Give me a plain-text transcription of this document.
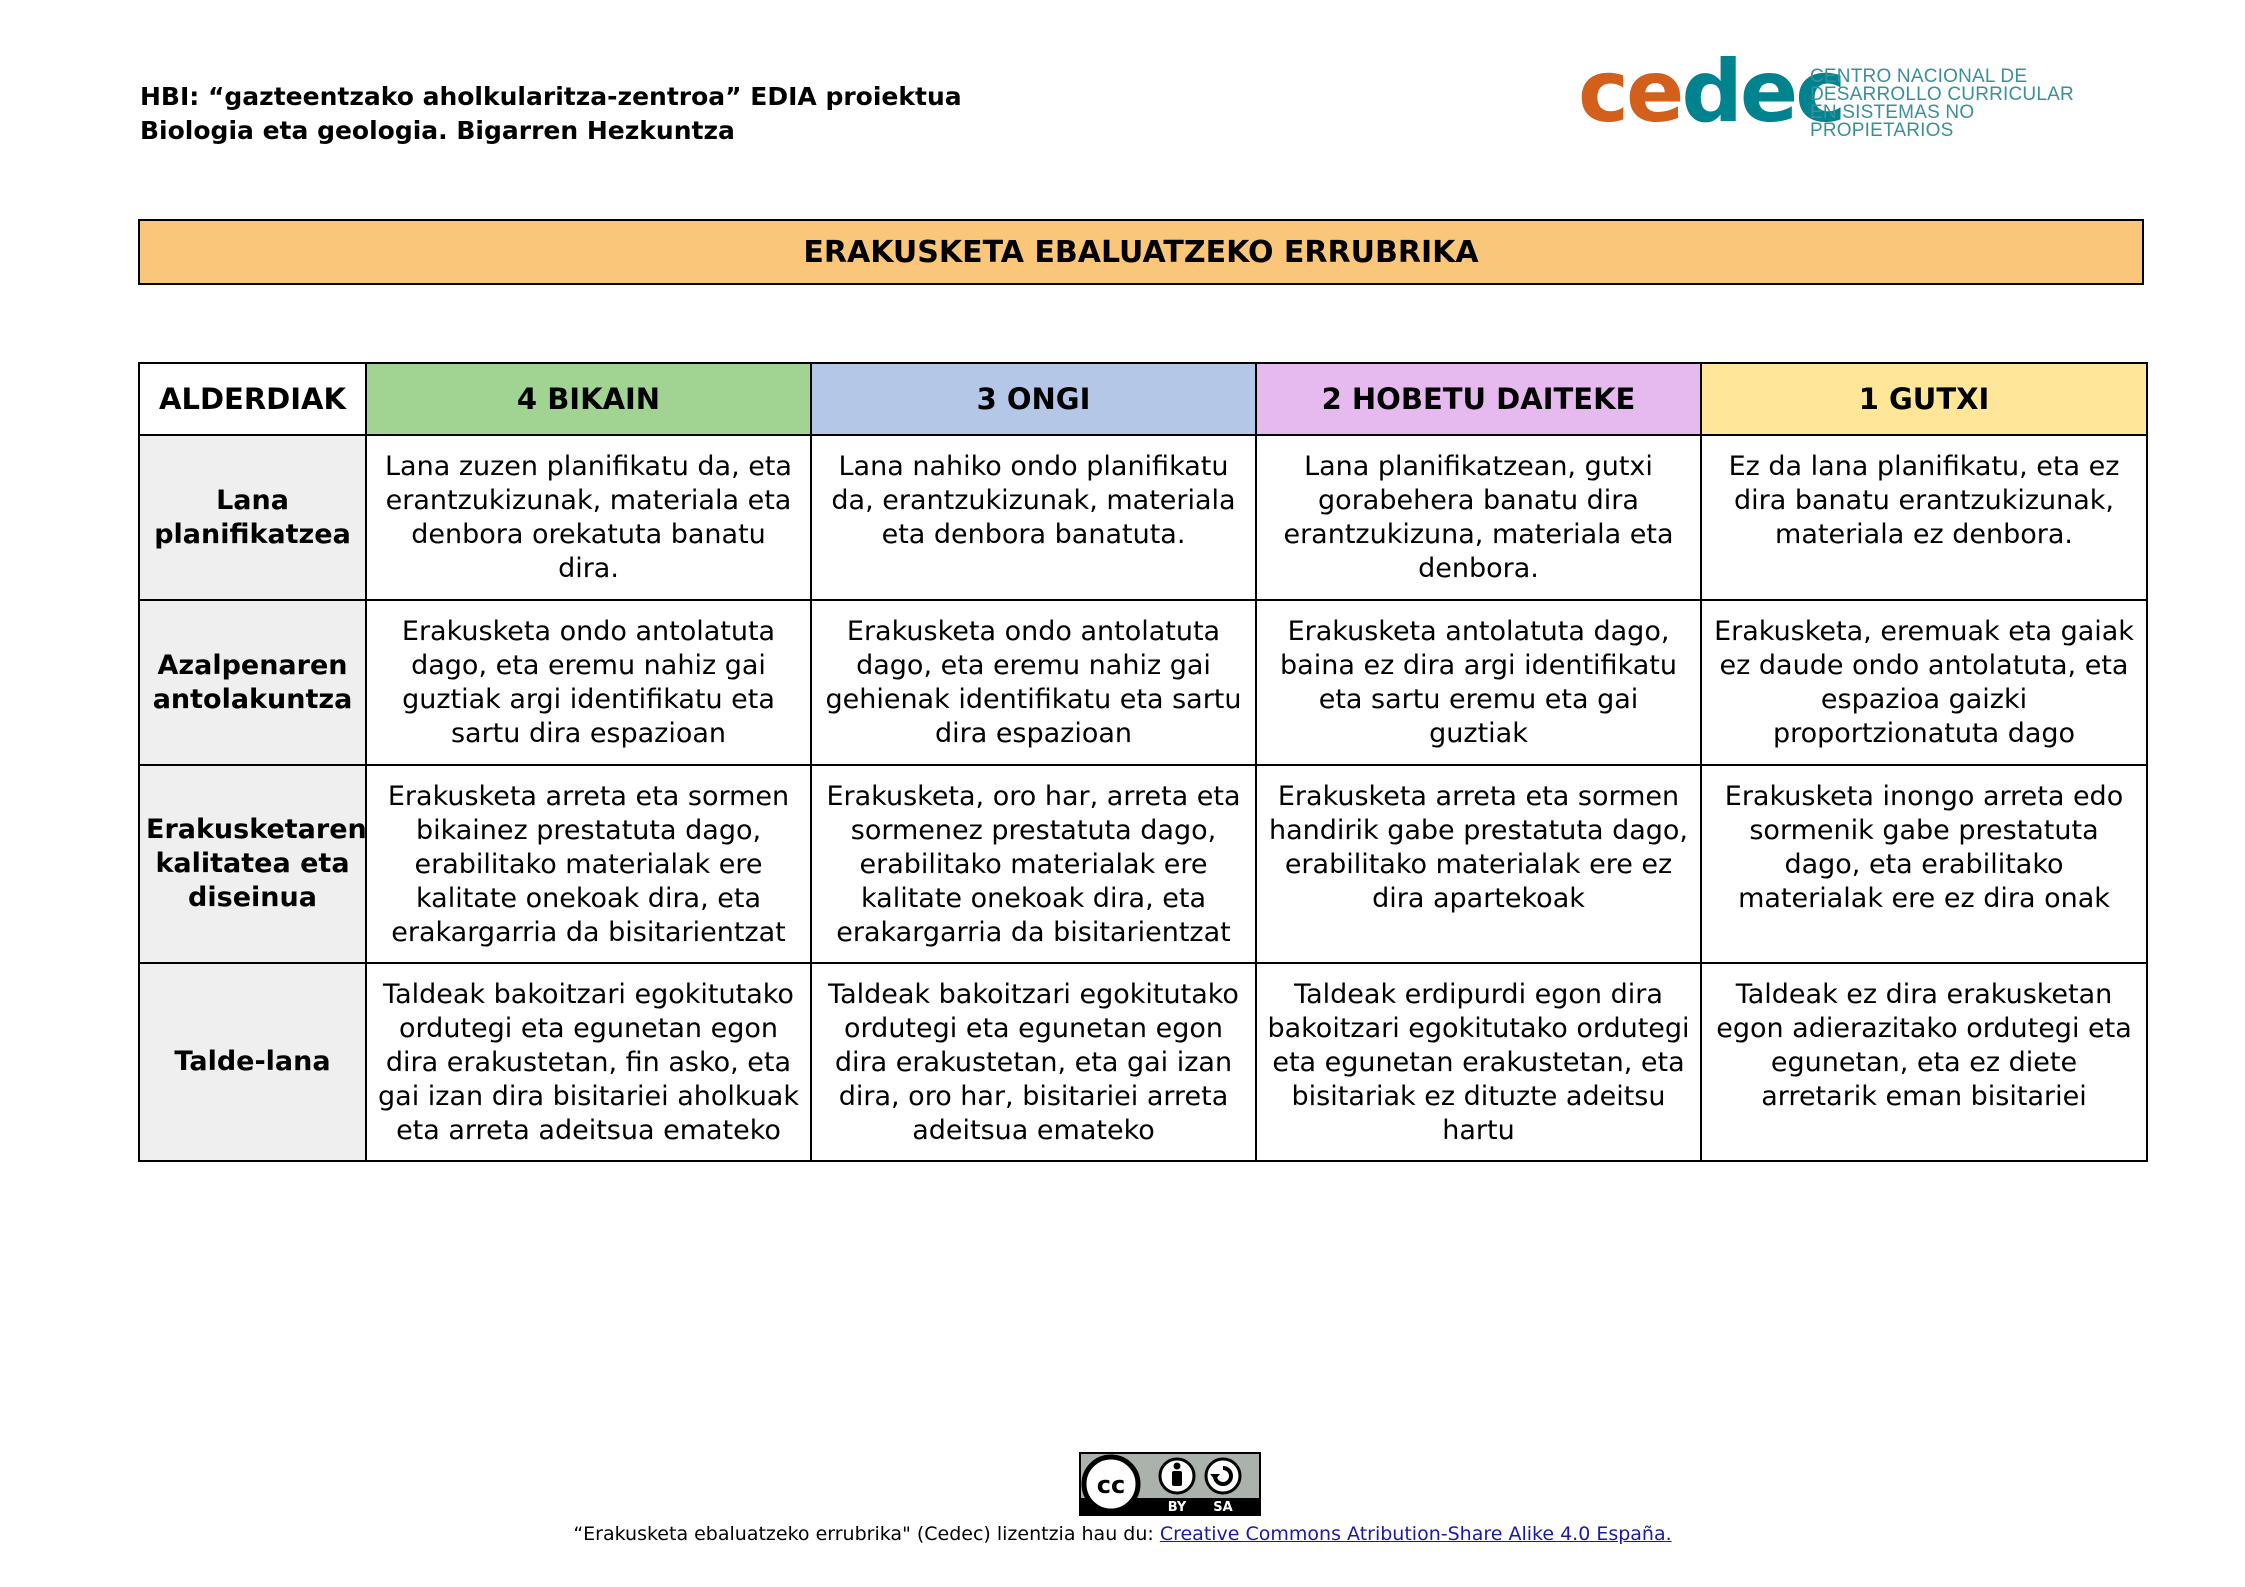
HBI: “gazteentzako aholkularitza-zentroa” EDIA proiektua
Biologia eta geologia. Bigarren Hezkuntza	cedec
CENTRO NACIONAL DE
DESARROLLO CURRICULAR
EN SISTEMAS NO PROPIETARIOS
ERAKUSKETA EBALUATZEKO ERRUBRIKA
ALDERDIAK	4 BIKAIN	3 ONGI	2 HOBETU DAITEKE	1 GUTXI
Lana planifikatzea	Lana zuzen planifikatu da, eta erantzukizunak, materiala eta denbora orekatuta banatu dira.	Lana nahiko ondo planifikatu da, erantzukizunak, materiala eta denbora banatuta.	Lana planifikatzean, gutxi gorabehera banatu dira erantzukizuna, materiala eta denbora.	Ez da lana planifikatu, eta ez dira banatu erantzukizunak, materiala ez denbora.
Azalpenaren antolakuntza	Erakusketa ondo antolatuta dago, eta eremu nahiz gai guztiak argi identifikatu eta sartu dira espazioan	Erakusketa ondo antolatuta dago, eta eremu nahiz gai gehienak identifikatu eta sartu dira espazioan	Erakusketa antolatuta dago, baina ez dira argi identifikatu eta sartu eremu eta gai guztiak	Erakusketa, eremuak eta gaiak ez daude ondo antolatuta, eta espazioa gaizki proportzionatuta dago
Erakusketaren kalitatea eta diseinua	Erakusketa arreta eta sormen bikainez prestatuta dago, erabilitako materialak ere kalitate onekoak dira, eta erakargarria da bisitarientzat	Erakusketa, oro har, arreta eta sormenez prestatuta dago, erabilitako materialak ere kalitate onekoak dira, eta erakargarria da bisitarientzat	Erakusketa arreta eta sormen handirik gabe prestatuta dago, erabilitako materialak ere ez dira apartekoak	Erakusketa inongo arreta edo sormenik gabe prestatuta dago, eta erabilitako materialak ere ez dira onak
Talde-lana	Taldeak bakoitzari egokitutako ordutegi eta egunetan egon dira erakustetan, fin asko, eta gai izan dira bisitariei aholkuak eta arreta adeitsua emateko	Taldeak bakoitzari egokitutako ordutegi eta egunetan egon dira erakustetan, eta gai izan dira, oro har, bisitariei arreta adeitsua emateko	Taldeak erdipurdi egon dira bakoitzari egokitutako ordutegi eta egunetan erakustetan, eta bisitariak ez dituzte adeitsu hartu	Taldeak ez dira erakusketan egon adierazitako ordutegi eta egunetan, eta ez diete arretarik eman bisitariei
cc
BY SA
“Erakusketa ebaluatzeko errubrika" (Cedec) lizentzia hau du: Creative Commons Atribution-Share Alike 4.0 España.
